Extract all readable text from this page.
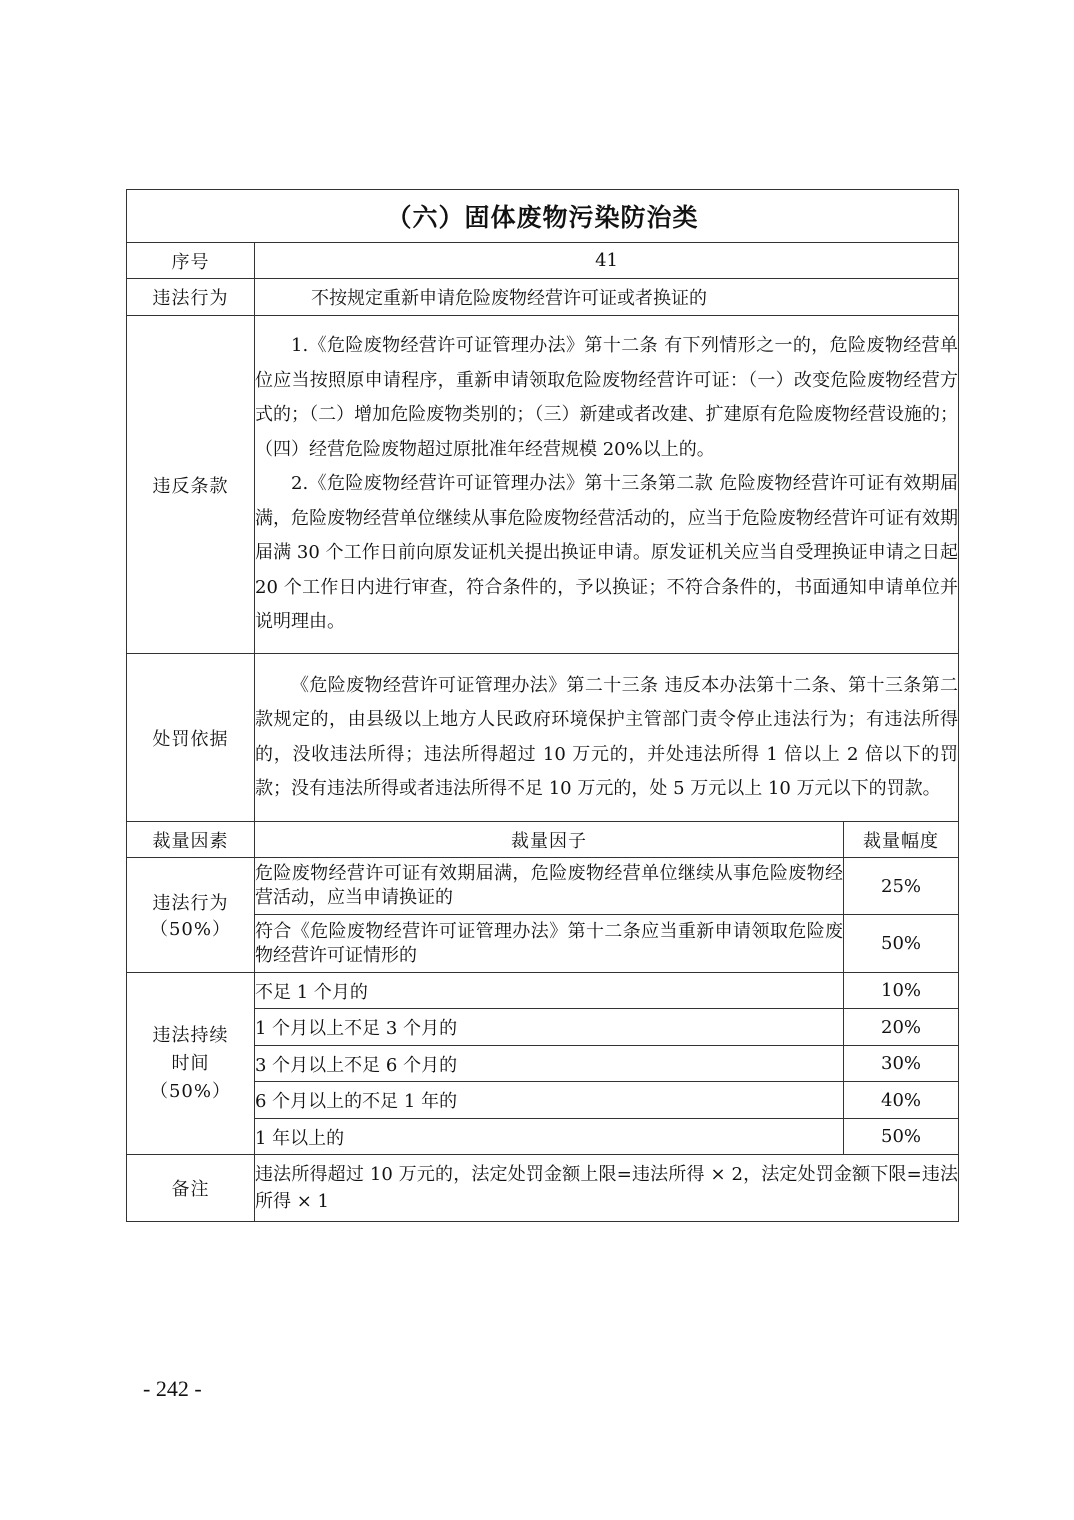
（六）固体废物污染防治类		
序号	41	
违法行为	不按规定重新申请危险废物经营许可证或者换证的	
违反条款	1.《危险废物经营许可证管理办法》第十二条 有下列情形之一的，危险废物经营单位应当按照原申请程序，重新申请领取危险废物经营许可证：（一）改变危险废物经营方式的；（二）增加危险废物类别的；（三）新建或者改建、扩建原有危险废物经营设施的；（四）经营危险废物超过原批准年经营规模 20%以上的。

2.《危险废物经营许可证管理办法》第十三条第二款 危险废物经营许可证有效期届满，危险废物经营单位继续从事危险废物经营活动的，应当于危险废物经营许可证有效期届满 30 个工作日前向原发证机关提出换证申请。原发证机关应当自受理换证申请之日起 20 个工作日内进行审查，符合条件的，予以换证；不符合条件的，书面通知申请单位并说明理由。	

处罚依据	《危险废物经营许可证管理办法》第二十三条 违反本办法第十二条、第十三条第二款规定的，由县级以上地方人民政府环境保护主管部门责令停止违法行为；有违法所得的，没收违法所得；违法所得超过 10 万元的，并处违法所得 1 倍以上 2 倍以下的罚款；没有违法所得或者违法所得不足 10 万元的，处 5 万元以上 10 万元以下的罚款。	

裁量因素	裁量因子	裁量幅度

违法行为
（50%）	危险废物经营许可证有效期届满，危险废物经营单位继续从事危险废物经营活动，应当申请换证的	25%
	符合《危险废物经营许可证管理办法》第十二条应当重新申请领取危险废物经营许可证情形的	50%

违法持续
时间
（50%）	不足 1 个月的	10%
	1 个月以上不足 3 个月的	20%
	3 个月以上不足 6 个月的	30%
	6 个月以上的不足 1 年的	40%
	1 年以上的	50%
备注	违法所得超过 10 万元的，法定处罚金额上限=违法所得 × 2，法定处罚金额下限=违法所得 × 1	
- 242 -
